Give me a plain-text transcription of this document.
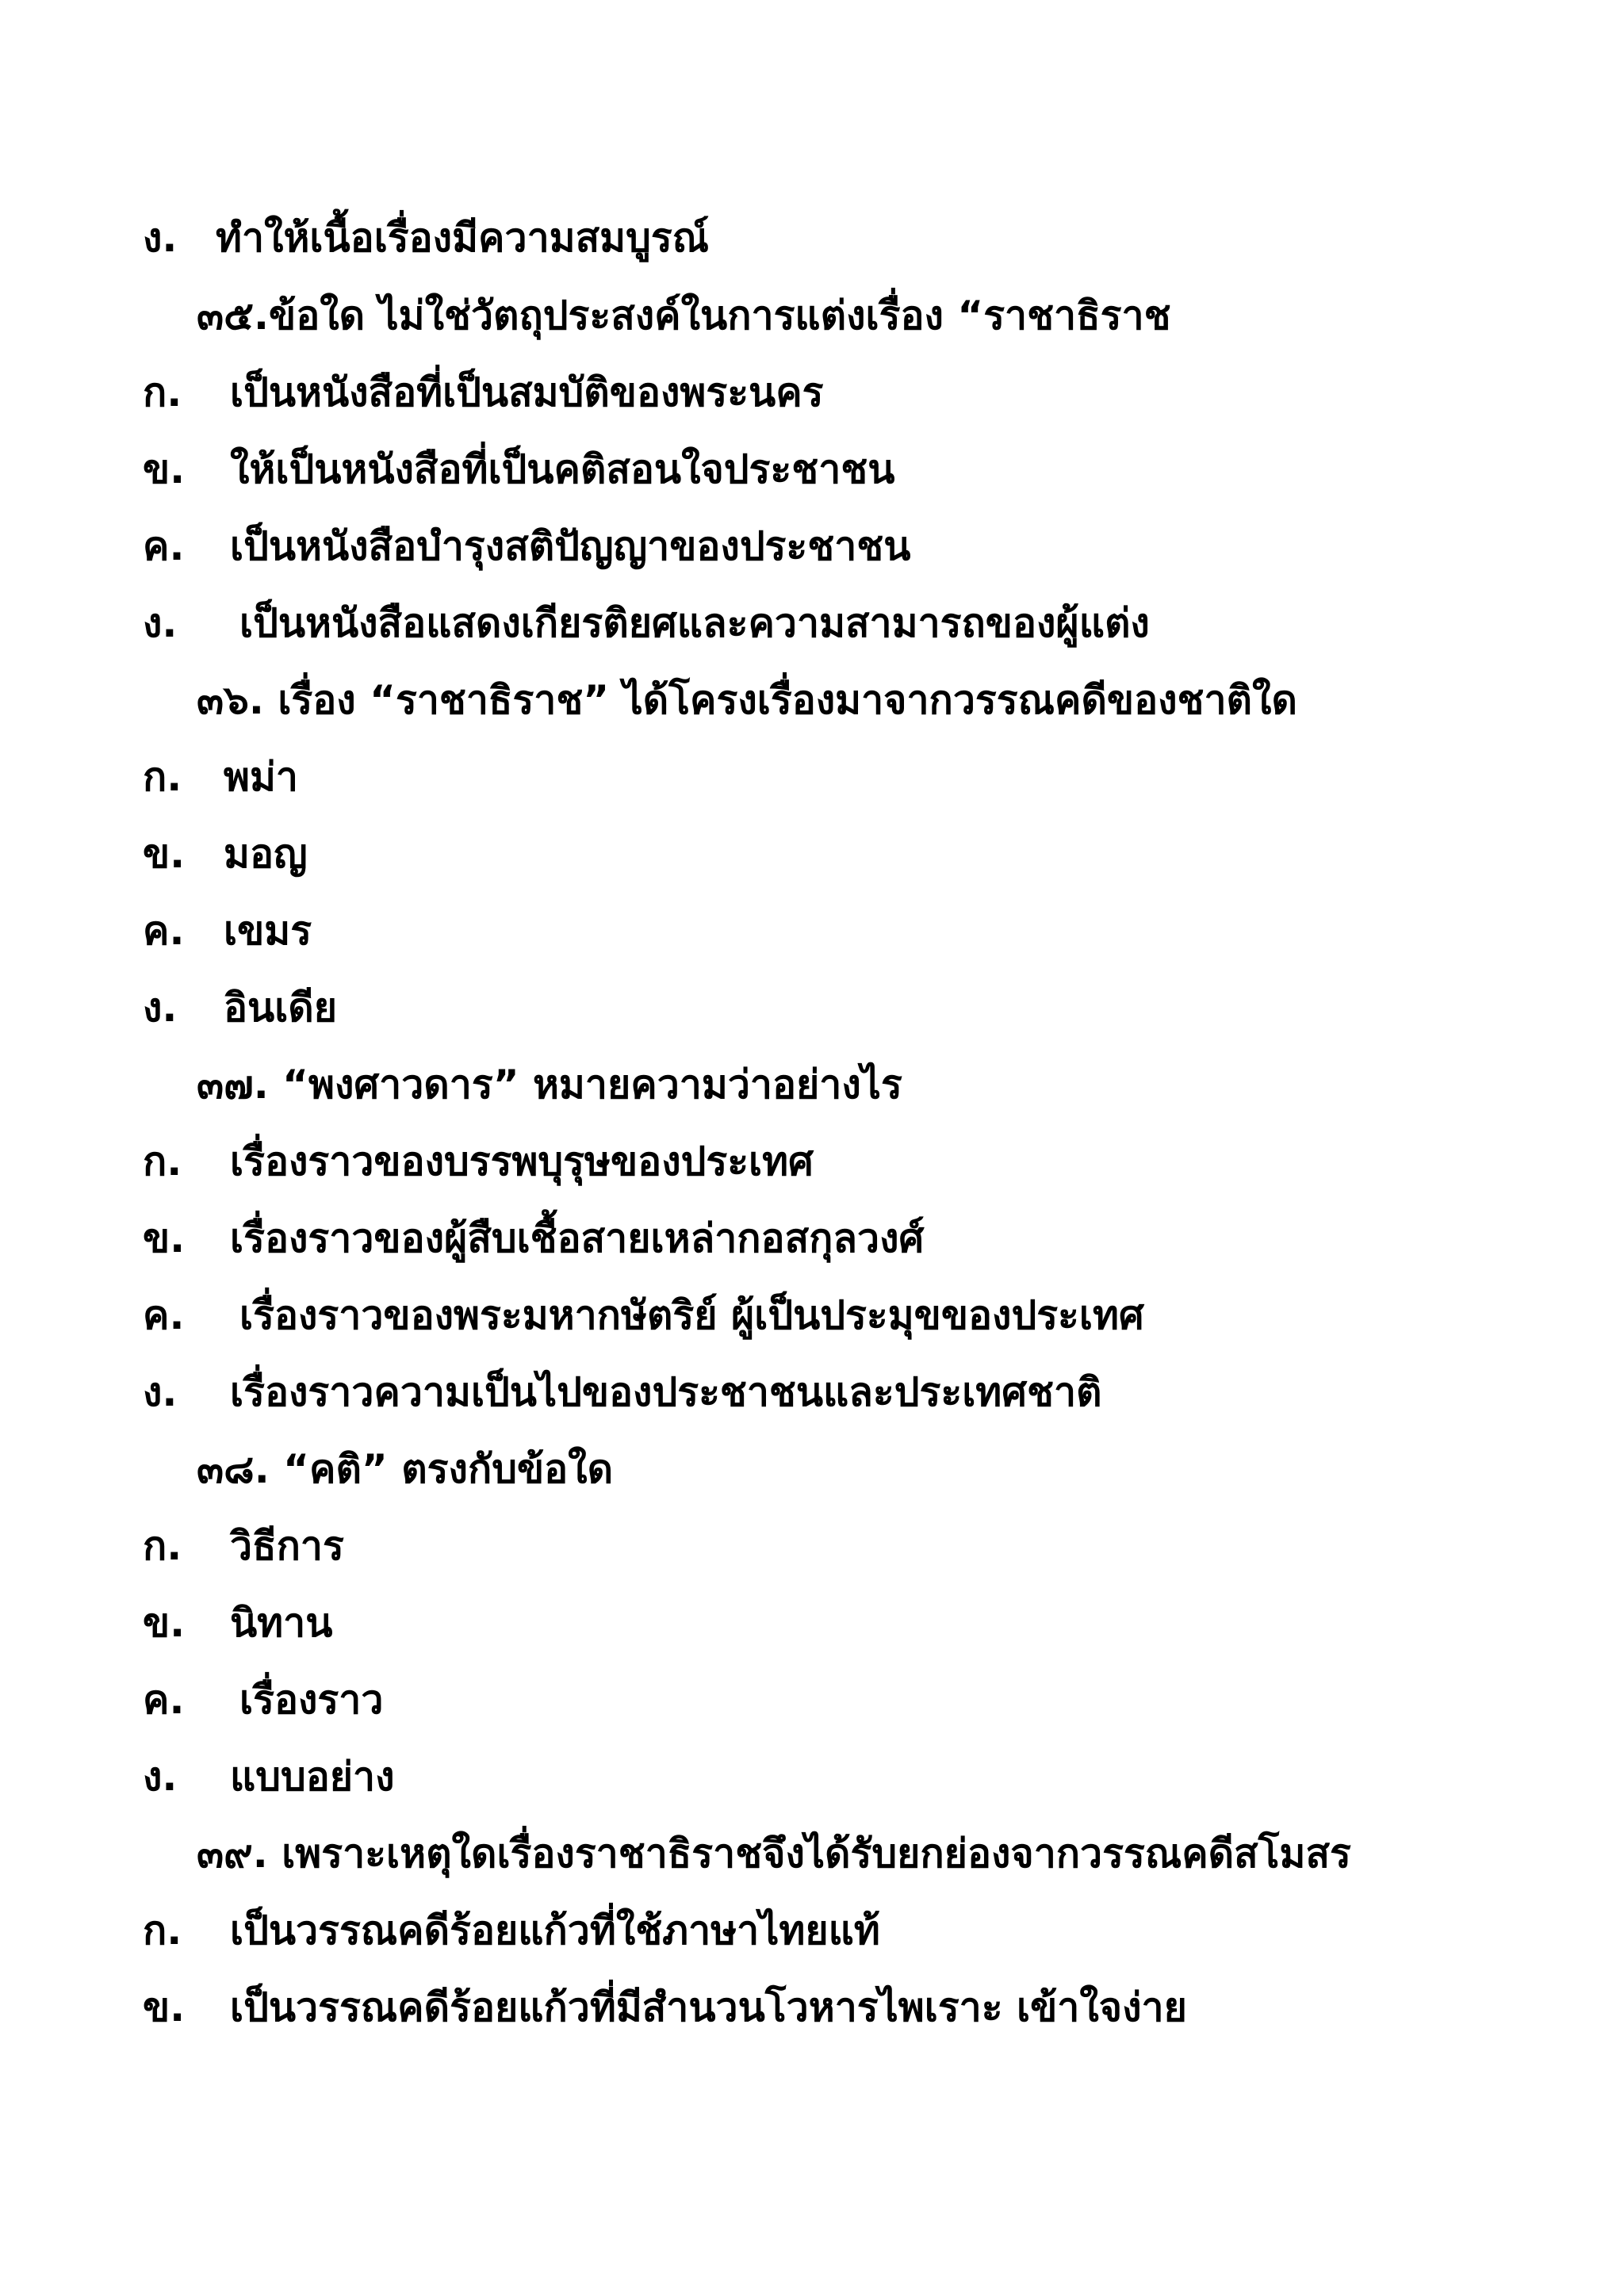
ง. ทำให้เนื้อเรื่องมีความสมบูรณ์
๓๕.ข้อใด ไม่ใช่วัตถุประสงค์ในการแต่งเรื่อง “ราชาธิราช
ก. เป็นหนังสือที่เป็นสมบัติของพระนคร
ข. ให้เป็นหนังสือที่เป็นคติสอนใจประชาชน
ค. เป็นหนังสือบำรุงสติปัญญาของประชาชน
ง. เป็นหนังสือแสดงเกียรติยศและความสามารถของผู้แต่ง
๓๖. เรื่อง “ราชาธิราช” ได้โครงเรื่องมาจากวรรณคดีของชาติใด
ก. พม่า
ข. มอญ
ค. เขมร
ง. อินเดีย
๓๗. “พงศาวดาร” หมายความว่าอย่างไร
ก. เรื่องราวของบรรพบุรุษของประเทศ
ข. เรื่องราวของผู้สืบเชื้อสายเหล่ากอสกุลวงศ์
ค. เรื่องราวของพระมหากษัตริย์ ผู้เป็นประมุขของประเทศ
ง. เรื่องราวความเป็นไปของประชาชนและประเทศชาติ
๓๘. “คติ” ตรงกับข้อใด
ก. วิธีการ
ข. นิทาน
ค. เรื่องราว
ง. แบบอย่าง
๓๙. เพราะเหตุใดเรื่องราชาธิราชจึงได้รับยกย่องจากวรรณคดีสโมสร
ก. เป็นวรรณคดีร้อยแก้วที่ใช้ภาษาไทยแท้
ข. เป็นวรรณคดีร้อยแก้วที่มีสำนวนโวหารไพเราะ เข้าใจง่าย
